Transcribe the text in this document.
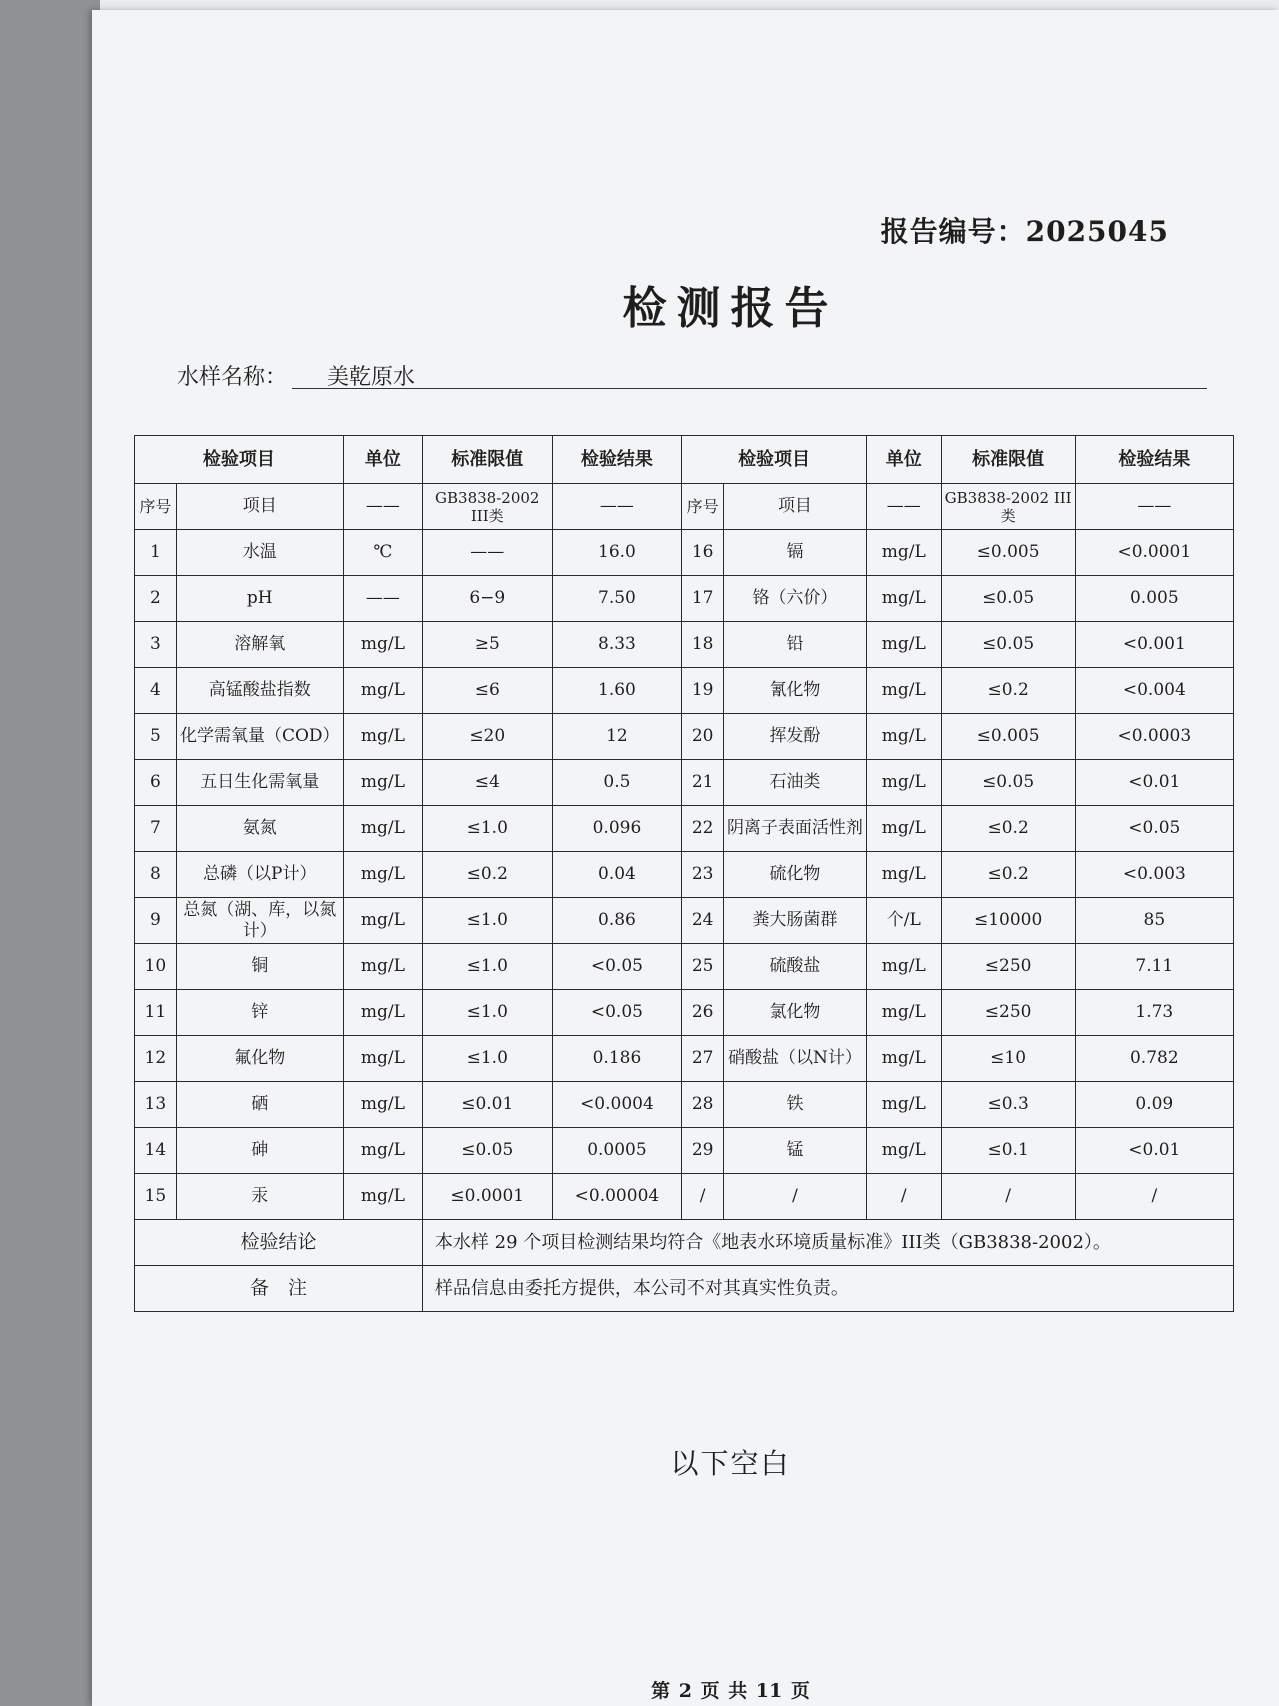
报告编号：2025045
检测报告
水样名称：	美乾原水
检验项目		单位	标准限值	检验结果	检验项目		单位	标准限值	检验结果
序号	项目	——	GB3838-2002 III类	——	序号	项目	——	GB3838-2002 III类	——
1	水温	℃	——	16.0	16	镉	mg/L	≤0.005	<0.0001
2	pH	——	6−9	7.50	17	铬（六价）	mg/L	≤0.05	0.005
3	溶解氧	mg/L	≥5	8.33	18	铅	mg/L	≤0.05	<0.001
4	高锰酸盐指数	mg/L	≤6	1.60	19	氰化物	mg/L	≤0.2	<0.004
5	化学需氧量（COD）	mg/L	≤20	12	20	挥发酚	mg/L	≤0.005	<0.0003
6	五日生化需氧量	mg/L	≤4	0.5	21	石油类	mg/L	≤0.05	<0.01
7	氨氮	mg/L	≤1.0	0.096	22	阴离子表面活性剂	mg/L	≤0.2	<0.05
8	总磷（以P计）	mg/L	≤0.2	0.04	23	硫化物	mg/L	≤0.2	<0.003
9	总氮（湖、库，以氮计）	mg/L	≤1.0	0.86	24	粪大肠菌群	个/L	≤10000	85
10	铜	mg/L	≤1.0	<0.05	25	硫酸盐	mg/L	≤250	7.11
11	锌	mg/L	≤1.0	<0.05	26	氯化物	mg/L	≤250	1.73
12	氟化物	mg/L	≤1.0	0.186	27	硝酸盐（以N计）	mg/L	≤10	0.782
13	硒	mg/L	≤0.01	<0.0004	28	铁	mg/L	≤0.3	0.09
14	砷	mg/L	≤0.05	0.0005	29	锰	mg/L	≤0.1	<0.01
15	汞	mg/L	≤0.0001	<0.00004	/	/	/	/	/
检验结论			本水样 29 个项目检测结果均符合《地表水环境质量标准》III类（GB3838-2002）。						
备　注			样品信息由委托方提供，本公司不对其真实性负责。						
以下空白
第 2 页 共 11 页
